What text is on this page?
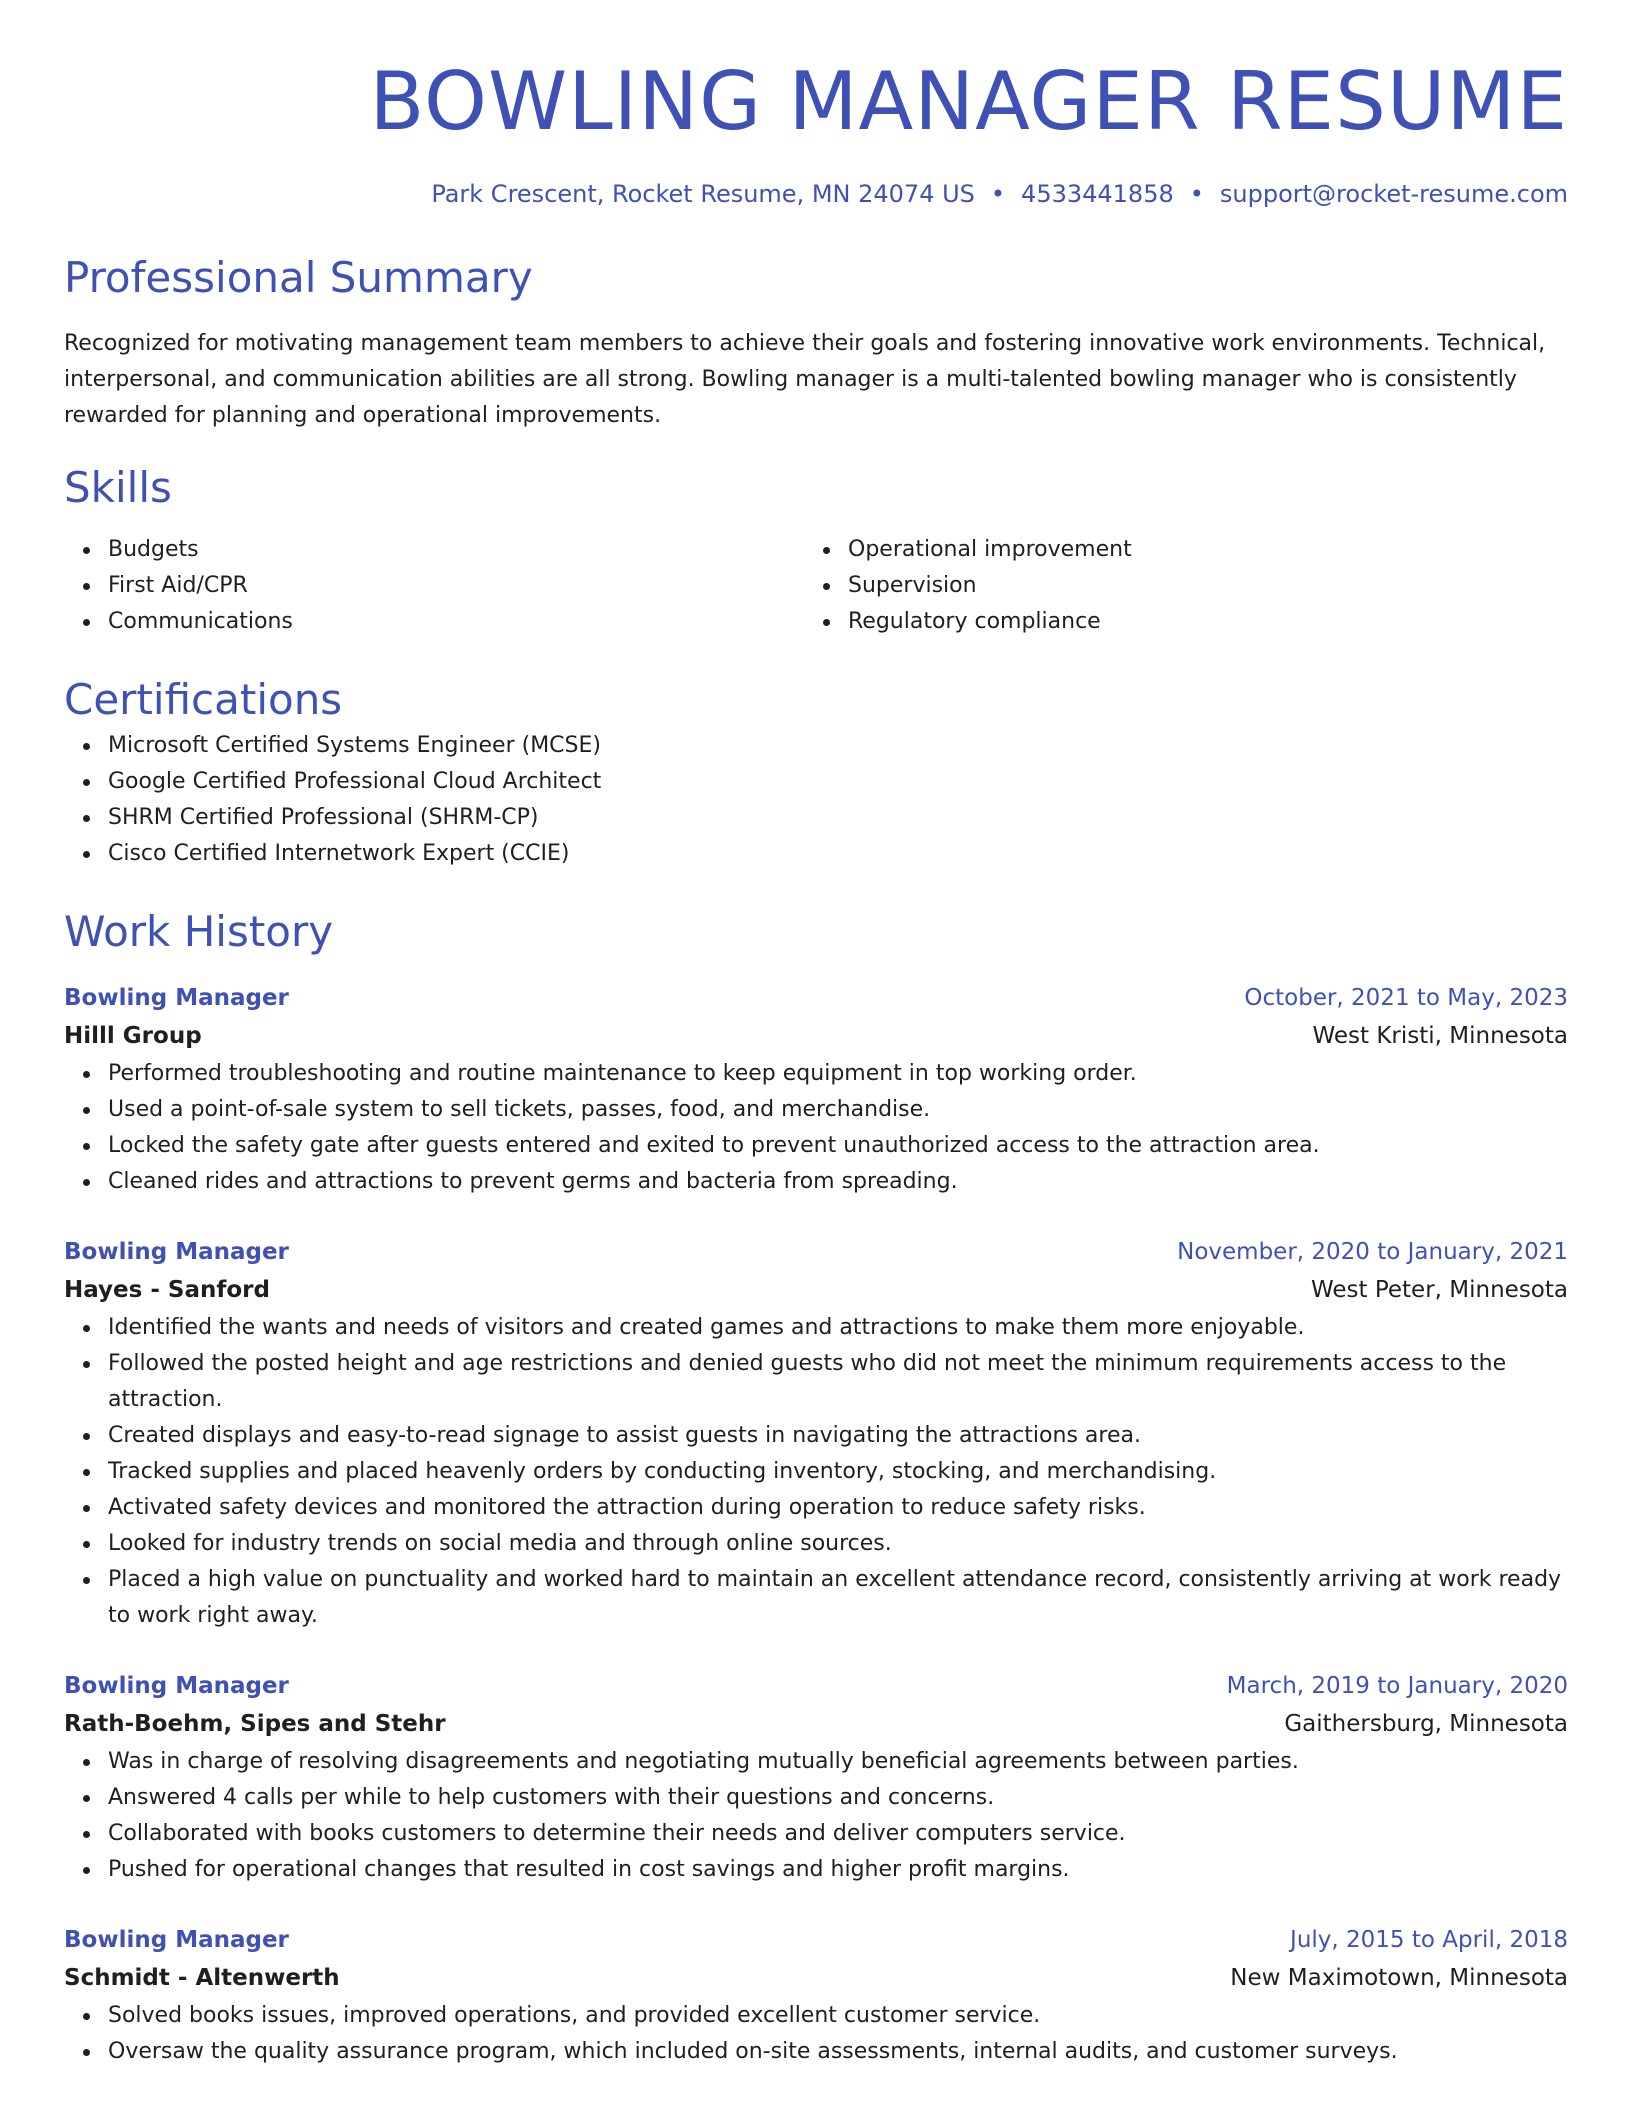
BOWLING MANAGER RESUME
Park Crescent, Rocket Resume, MN 24074 US • 4533441858 • support@rocket-resume.com
Professional Summary
Recognized for motivating management team members to achieve their goals and fostering innovative work environments. Technical, interpersonal, and communication abilities are all strong. Bowling manager is a multi-talented bowling manager who is consistently rewarded for planning and operational improvements.
Skills
Budgets
First Aid/CPR
Communications
Operational improvement
Supervision
Regulatory compliance
Certifications
Microsoft Certified Systems Engineer (MCSE)
Google Certified Professional Cloud Architect
SHRM Certified Professional (SHRM-CP)
Cisco Certified Internetwork Expert (CCIE)
Work History
Bowling Manager	October, 2021 to May, 2023
Hilll Group	West Kristi, Minnesota
Performed troubleshooting and routine maintenance to keep equipment in top working order.
Used a point-of-sale system to sell tickets, passes, food, and merchandise.
Locked the safety gate after guests entered and exited to prevent unauthorized access to the attraction area.
Cleaned rides and attractions to prevent germs and bacteria from spreading.
Bowling Manager	November, 2020 to January, 2021
Hayes - Sanford	West Peter, Minnesota
Identified the wants and needs of visitors and created games and attractions to make them more enjoyable.
Followed the posted height and age restrictions and denied guests who did not meet the minimum requirements access to the attraction.
Created displays and easy-to-read signage to assist guests in navigating the attractions area.
Tracked supplies and placed heavenly orders by conducting inventory, stocking, and merchandising.
Activated safety devices and monitored the attraction during operation to reduce safety risks.
Looked for industry trends on social media and through online sources.
Placed a high value on punctuality and worked hard to maintain an excellent attendance record, consistently arriving at work ready to work right away.
Bowling Manager	March, 2019 to January, 2020
Rath-Boehm, Sipes and Stehr	Gaithersburg, Minnesota
Was in charge of resolving disagreements and negotiating mutually beneficial agreements between parties.
Answered 4 calls per while to help customers with their questions and concerns.
Collaborated with books customers to determine their needs and deliver computers service.
Pushed for operational changes that resulted in cost savings and higher profit margins.
Bowling Manager	July, 2015 to April, 2018
Schmidt - Altenwerth	New Maximotown, Minnesota
Solved books issues, improved operations, and provided excellent customer service.
Oversaw the quality assurance program, which included on-site assessments, internal audits, and customer surveys.
